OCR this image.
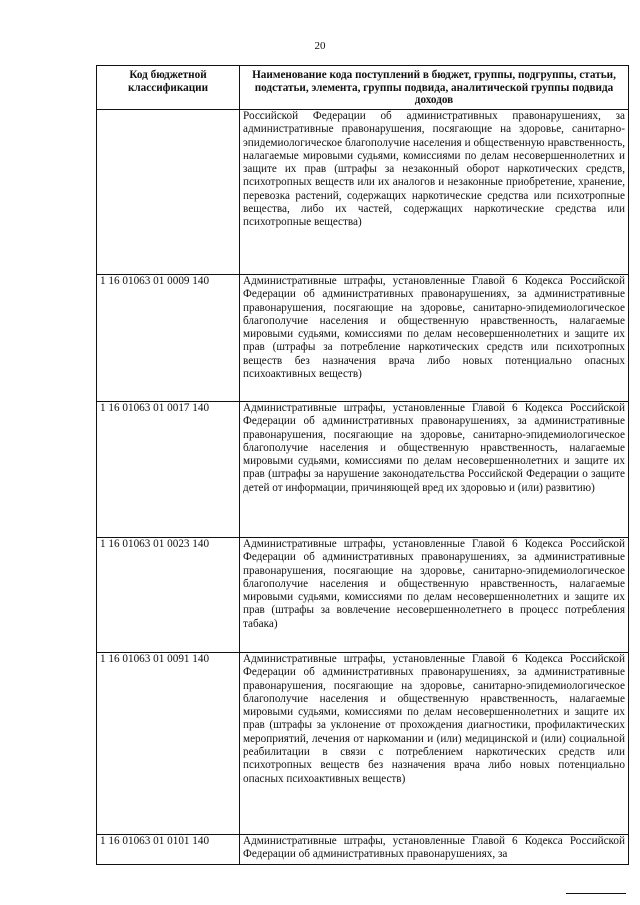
20
Код бюджетной классификации	Наименование кода поступлений в бюджет, группы, подгруппы, статьи, подстатьи, элемента, группы подвида, аналитической группы подвида доходов
	Российской Федерации об административных правонарушениях, за административные правонарушения, посягающие на здоровье, санитарно-эпидемиологическое благополучие населения и общественную нравственность, налагаемые мировыми судьями, комиссиями по делам несовершеннолетних и защите их прав (штрафы за незаконный оборот наркотических средств, психотропных веществ или их аналогов и незаконные приобретение, хранение, перевозка растений, содержащих наркотические средства или психотропные вещества, либо их частей, содержащих наркотические средства или психотропные вещества)
1 16 01063 01 0009 140	Административные штрафы, установленные Главой 6 Кодекса Российской Федерации об административных правонарушениях, за административные правонарушения, посягающие на здоровье, санитарно-эпидемиологическое благополучие населения и общественную нравственность, налагаемые мировыми судьями, комиссиями по делам несовершеннолетних и защите их прав (штрафы за потребление наркотических средств или психотропных веществ без назначения врача либо новых потенциально опасных психоактивных веществ)
1 16 01063 01 0017 140	Административные штрафы, установленные Главой 6 Кодекса Российской Федерации об административных правонарушениях, за административные правонарушения, посягающие на здоровье, санитарно-эпидемиологическое благополучие населения и общественную нравственность, налагаемые мировыми судьями, комиссиями по делам несовершеннолетних и защите их прав (штрафы за нарушение законодательства Российской Федерации о защите детей от информации, причиняющей вред их здоровью и (или) развитию)
1 16 01063 01 0023 140	Административные штрафы, установленные Главой 6 Кодекса Российской Федерации об административных правонарушениях, за административные правонарушения, посягающие на здоровье, санитарно-эпидемиологическое благополучие населения и общественную нравственность, налагаемые мировыми судьями, комиссиями по делам несовершеннолетних и защите их прав (штрафы за вовлечение несовершеннолетнего в процесс потребления табака)
1 16 01063 01 0091 140	Административные штрафы, установленные Главой 6 Кодекса Российской Федерации об административных правонарушениях, за административные правонарушения, посягающие на здоровье, санитарно-эпидемиологическое благополучие населения и общественную нравственность, налагаемые мировыми судьями, комиссиями по делам несовершеннолетних и защите их прав (штрафы за уклонение от прохождения диагностики, профилактических мероприятий, лечения от наркомании и (или) медицинской и (или) социальной реабилитации в связи с потреблением наркотических средств или психотропных веществ без назначения врача либо новых потенциально опасных психоактивных веществ)
1 16 01063 01 0101 140	Административные штрафы, установленные Главой 6 Кодекса Российской Федерации об административных правонарушениях, за
